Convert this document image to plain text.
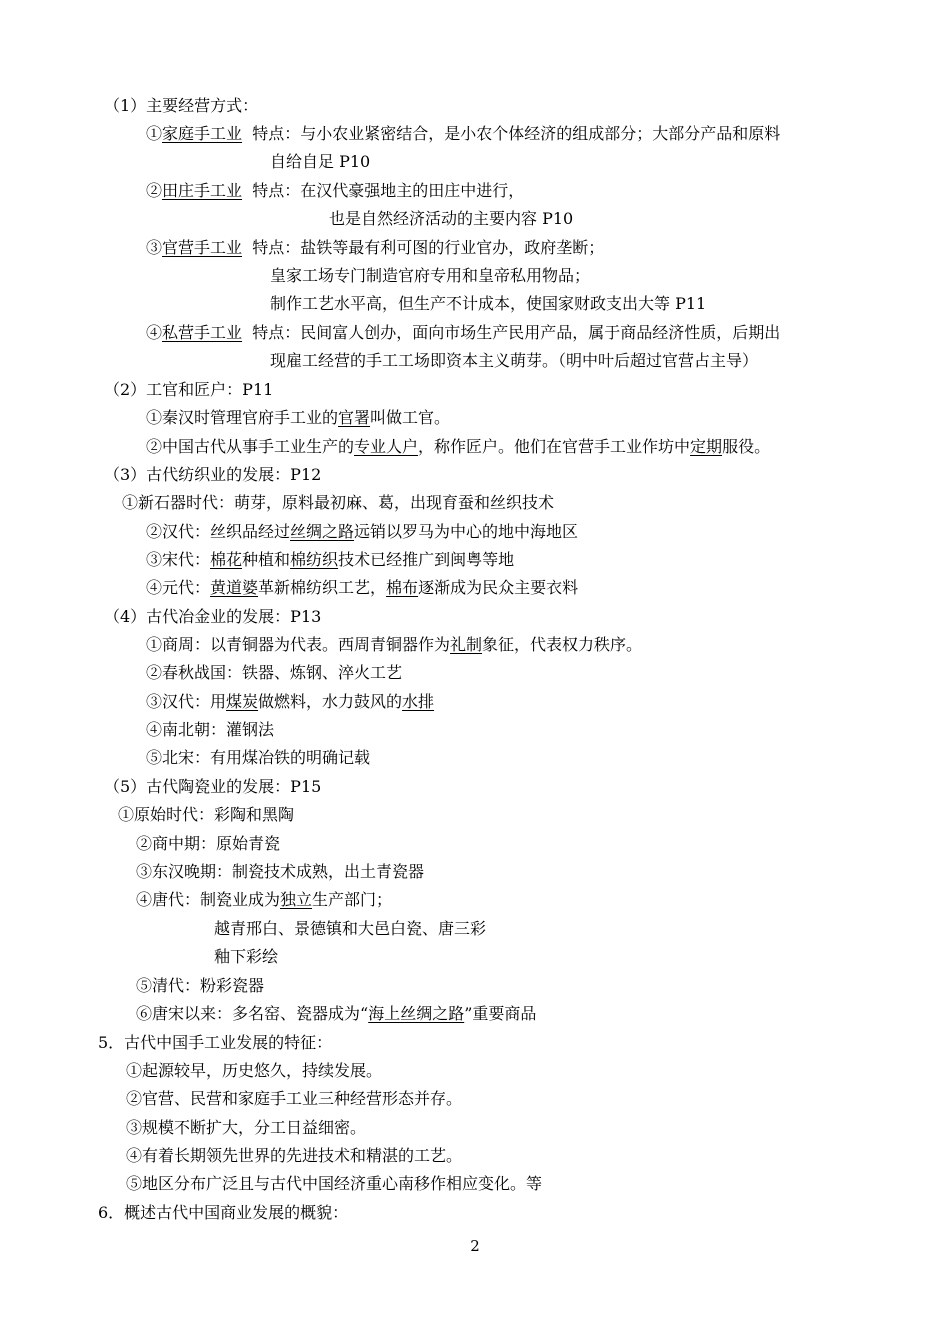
（1）主要经营方式：
①家庭手工业 特点：与小农业紧密结合，是小农个体经济的组成部分；大部分产品和原料
自给自足 P10
②田庄手工业 特点：在汉代豪强地主的田庄中进行，
也是自然经济活动的主要内容 P10
③官营手工业 特点：盐铁等最有利可图的行业官办，政府垄断；
皇家工场专门制造官府专用和皇帝私用物品；
制作工艺水平高，但生产不计成本，使国家财政支出大等 P11
④私营手工业 特点：民间富人创办，面向市场生产民用产品，属于商品经济性质，后期出
现雇工经营的手工工场即资本主义萌芽。（明中叶后超过官营占主导）
（2）工官和匠户：P11
①秦汉时管理官府手工业的官署叫做工官。
②中国古代从事手工业生产的专业人户，称作匠户。他们在官营手工业作坊中定期服役。
（3）古代纺织业的发展：P12
①新石器时代：萌芽，原料最初麻、葛，出现育蚕和丝织技术
②汉代：丝织品经过丝绸之路远销以罗马为中心的地中海地区
③宋代：棉花种植和棉纺织技术已经推广到闽粤等地
④元代：黄道婆革新棉纺织工艺，棉布逐渐成为民众主要衣料
（4）古代冶金业的发展：P13
①商周：以青铜器为代表。西周青铜器作为礼制象征，代表权力秩序。
②春秋战国：铁器、炼钢、淬火工艺
③汉代：用煤炭做燃料，水力鼓风的水排
④南北朝：灌钢法
⑤北宋：有用煤冶铁的明确记载
（5）古代陶瓷业的发展：P15
①原始时代：彩陶和黑陶
②商中期：原始青瓷
③东汉晚期：制瓷技术成熟，出土青瓷器
④唐代：制瓷业成为独立生产部门；
越青邢白、景德镇和大邑白瓷、唐三彩
釉下彩绘
⑤清代：粉彩瓷器
⑥唐宋以来：多名窑、瓷器成为“海上丝绸之路”重要商品
5．古代中国手工业发展的特征：
①起源较早，历史悠久，持续发展。
②官营、民营和家庭手工业三种经营形态并存。
③规模不断扩大，分工日益细密。
④有着长期领先世界的先进技术和精湛的工艺。
⑤地区分布广泛且与古代中国经济重心南移作相应变化。等
6．概述古代中国商业发展的概貌：
2
